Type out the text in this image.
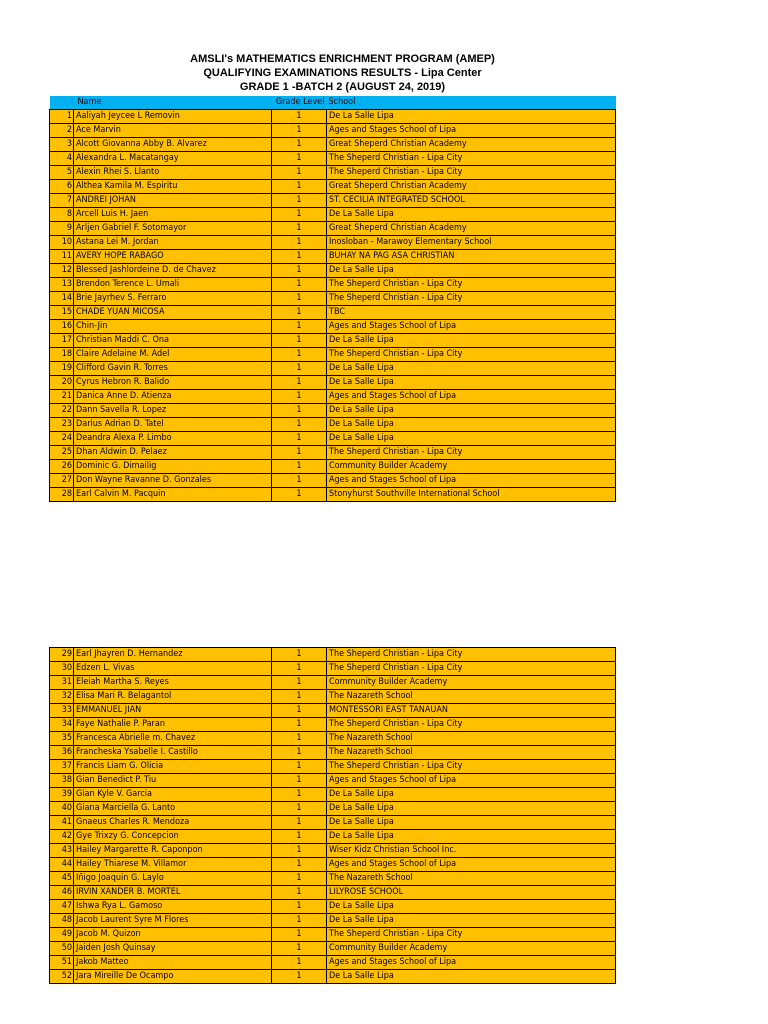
AMSLI's MATHEMATICS ENRICHMENT PROGRAM (AMEP)
QUALIFYING EXAMINATIONS RESULTS - Lipa Center
GRADE 1 -BATCH 2 (AUGUST 24, 2019)
Name		Grade Level	School
1	Aaliyah Jeycee L Removin	1	De La Salle Lipa
2	Ace Marvin	1	Ages and Stages School of Lipa
3	Alcott Giovanna Abby B. Alvarez	1	Great Sheperd Christian Academy
4	Alexandra L. Macatangay	1	The Sheperd Christian - Lipa City
5	Alexin Rhei S. Llanto	1	The Sheperd Christian - Lipa City
6	Althea Kamila M. Espiritu	1	Great Sheperd Christian Academy
7	ANDREI JOHAN	1	ST. CECILIA INTEGRATED SCHOOL
8	Arcell Luis H. Jaen	1	De La Salle Lipa
9	Arljen Gabriel F. Sotomayor	1	Great Sheperd Christian Academy
10	Astana Lei M. Jordan	1	Inosloban - Marawoy Elementary School
11	AVERY HOPE RABAGO	1	BUHAY NA PAG ASA CHRISTIAN
12	Blessed Jashlordeine D. de Chavez	1	De La Salle Lipa
13	Brendon Terence L. Umali	1	The Sheperd Christian - Lipa City
14	Brie Jayrhev S. Ferraro	1	The Sheperd Christian - Lipa City
15	CHADE YUAN MICOSA	1	TBC
16	Chin-Jin	1	Ages and Stages School of Lipa
17	Christian Maddi C. Ona	1	De La Salle Lipa
18	Claire Adelaine M. Adel	1	The Sheperd Christian - Lipa City
19	Clifford Gavin R. Torres	1	De La Salle Lipa
20	Cyrus Hebron R. Balido	1	De La Salle Lipa
21	Danica Anne D. Atienza	1	Ages and Stages School of Lipa
22	Dann Savella R. Lopez	1	De La Salle Lipa
23	Darius Adrian D. Tatel	1	De La Salle Lipa
24	Deandra Alexa P. Limbo	1	De La Salle Lipa
25	Dhan Aldwin D. Pelaez	1	The Sheperd Christian - Lipa City
26	Dominic G. Dimailig	1	Community Builder Academy
27	Don Wayne Ravanne D. Gonzales	1	Ages and Stages School of Lipa
28	Earl Calvin M. Pacquin	1	Stonyhurst Southville International School
29	Earl Jhayren D. Hernandez	1	The Sheperd Christian - Lipa City
30	Edzen L. Vivas	1	The Sheperd Christian - Lipa City
31	Eleiah Martha S. Reyes	1	Community Builder Academy
32	Elisa Mari R. Belagantol	1	The Nazareth School
33	EMMANUEL JIAN	1	MONTESSORI EAST TANAUAN
34	Faye Nathalie P. Paran	1	The Sheperd Christian - Lipa City
35	Francesca Abrielle m. Chavez	1	The Nazareth School
36	Francheska Ysabelle I. Castillo	1	The Nazareth School
37	Francis Liam G. Olicia	1	The Sheperd Christian - Lipa City
38	Gian Benedict P. Tiu	1	Ages and Stages School of Lipa
39	Gian Kyle V. Garcia	1	De La Salle Lipa
40	Giana Marciella G. Lanto	1	De La Salle Lipa
41	Gnaeus Charles R. Mendoza	1	De La Salle Lipa
42	Gye Trixzy G. Concepcion	1	De La Salle Lipa
43	Hailey Margarette R. Caponpon	1	Wiser Kidz Christian School Inc.
44	Hailey Thiarese M. Villamor	1	Ages and Stages School of Lipa
45	Iñigo Joaquin G. Laylo	1	The Nazareth School
46	IRVIN XANDER B. MORTEL	1	LILYROSE SCHOOL
47	Ishwa Rya L. Gamoso	1	De La Salle Lipa
48	Jacob Laurent Syre M Flores	1	De La Salle Lipa
49	Jacob M. Quizon	1	The Sheperd Christian - Lipa City
50	Jaiden Josh Quinsay	1	Community Builder Academy
51	Jakob Matteo	1	Ages and Stages School of Lipa
52	Jara Mireille De Ocampo	1	De La Salle Lipa
